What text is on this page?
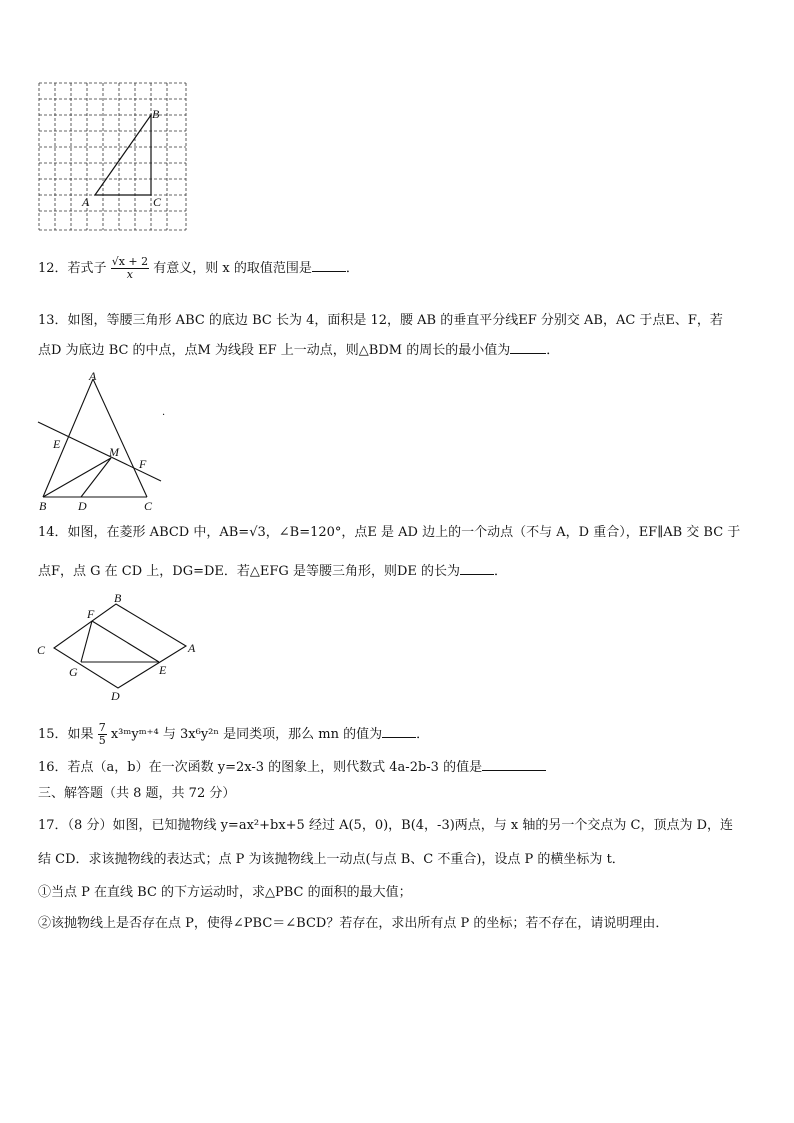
A
B
C
12．若式子 $\frac{√x + 2}{x}$ 有意义，则 x 的取值范围是	．
13．如图，等腰三角形 ABC 的底边 BC 长为 4，面积是 12，腰 AB 的垂直平分线EF 分别交 AB，AC 于点E、F，若
点D 为底边 BC 的中点，点M 为线段 EF 上一动点，则△BDM 的周长的最小值为	．
A
E
M
F
B	D	C
·
14．如图，在菱形 ABCD 中，AB=√3，∠B=120°，点E 是 AD 边上的一个动点（不与 A，D 重合），EF∥AB 交 BC 于
点F，点 G 在 CD 上，DG=DE．若△EFG 是等腰三角形，则DE 的长为	．
B
F
C	A
G	E
D
15．如果 $\frac{7}{5}$ x³ᵐyᵐ⁺⁴ 与 3x⁶y²ⁿ 是同类项，那么 mn 的值为	．
16．若点（a，b）在一次函数 y=2x-3 的图象上，则代数式 4a-2b-3 的值是
三、解答题（共 8 题，共 72 分）
17．（8 分）如图，已知抛物线 y=ax²+bx+5 经过 A(5，0)，B(4，-3)两点，与 x 轴的另一个交点为 C，顶点为 D，连
结 CD．求该抛物线的表达式；点 P 为该抛物线上一动点(与点 B、C 不重合)，设点 P 的横坐标为 t．
①当点 P 在直线 BC 的下方运动时，求△PBC 的面积的最大值；
②该抛物线上是否存在点 P，使得∠PBC＝∠BCD？若存在，求出所有点 P 的坐标；若不存在，请说明理由．
